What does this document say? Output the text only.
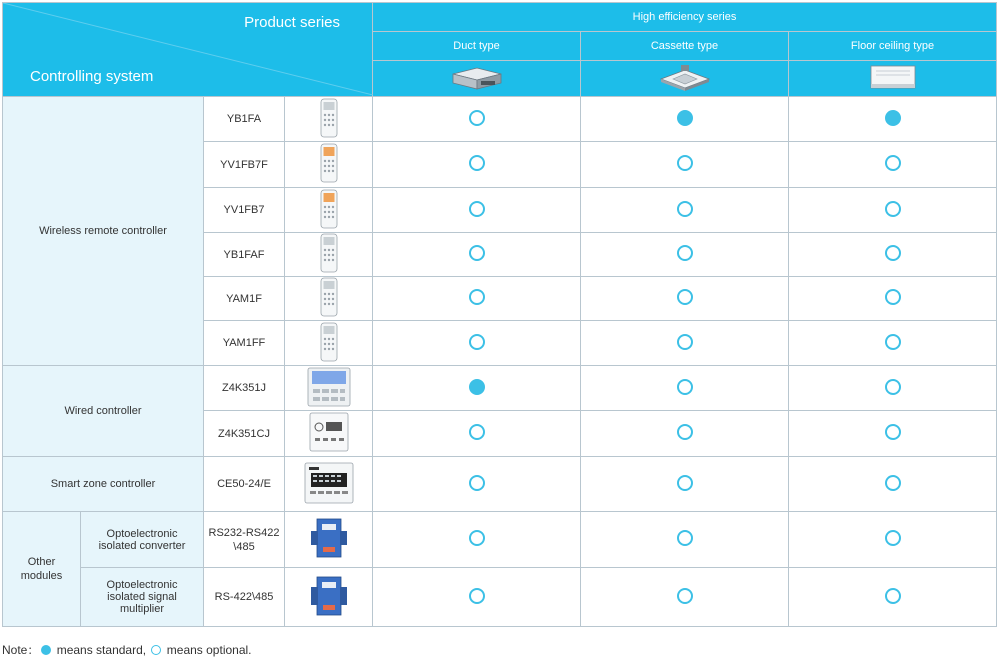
Product series
Controlling system				High efficiency series		
				Duct type	Cassette type	Floor ceiling type

Wireless remote controller		YB1FA				
		YV1FB7F				
		YV1FB7				
		YB1FAF				
		YAM1F				
		YAM1FF				
Wired controller		Z4K351J				
		Z4K351CJ				
Smart zone controller		CE50-24/E				
Other modules	Optoelectronic isolated converter	RS232-RS422\485				
	Optoelectronic isolated signal multiplier	RS-422\485				
Note： means standard, means optional.
